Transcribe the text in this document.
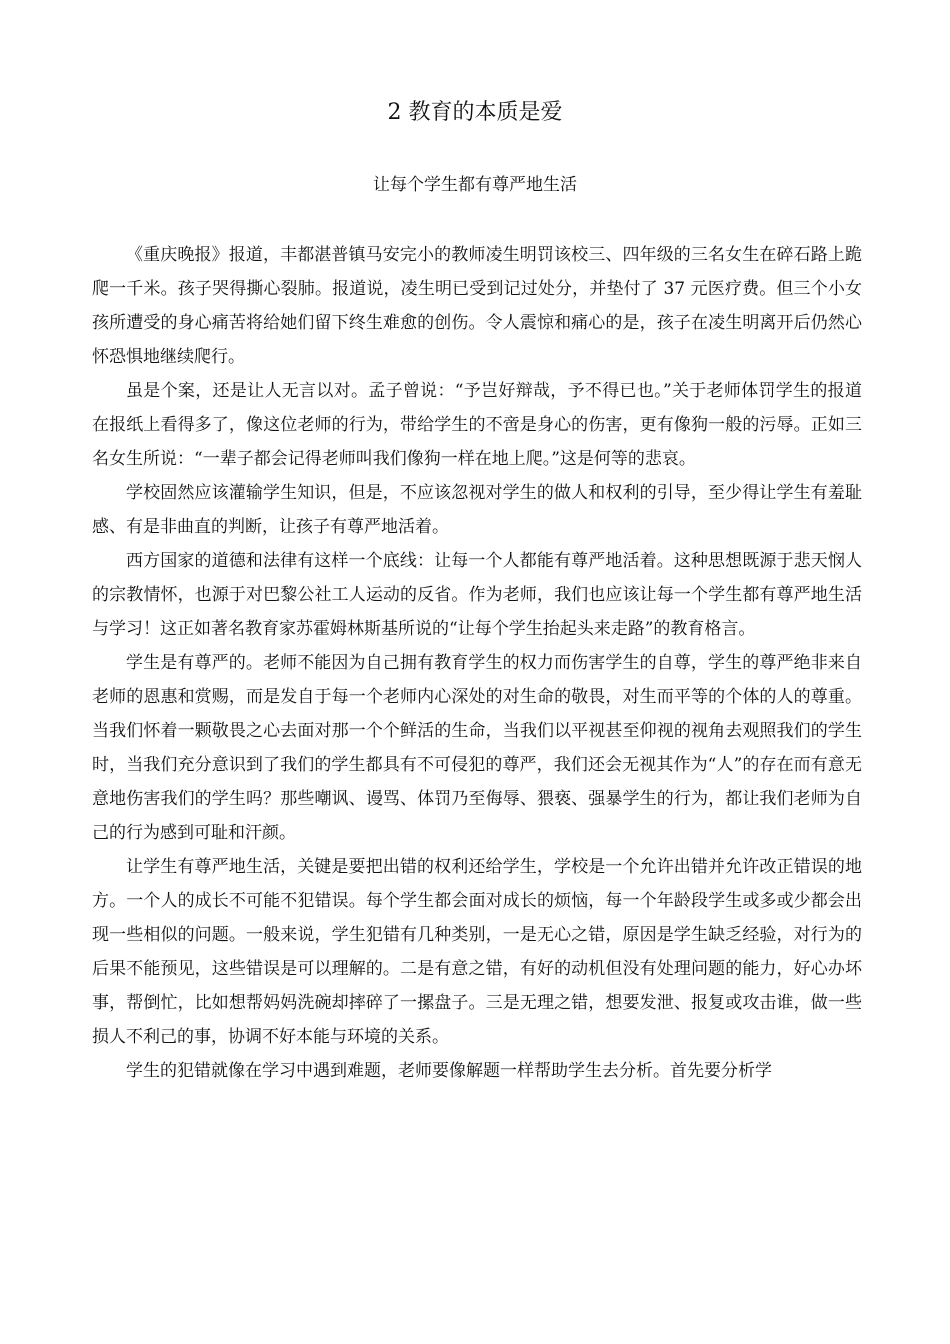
2 教育的本质是爱
让每个学生都有尊严地生活

《重庆晚报》报道，丰都湛普镇马安完小的教师凌生明罚该校三、四年级的三名女生在碎石路上跪爬一千米。孩子哭得撕心裂肺。报道说，凌生明已受到记过处分，并垫付了 37 元医疗费。但三个小女孩所遭受的身心痛苦将给她们留下终生难愈的创伤。令人震惊和痛心的是，孩子在凌生明离开后仍然心怀恐惧地继续爬行。

虽是个案，还是让人无言以对。孟子曾说：“予岂好辩哉，予不得已也。”关于老师体罚学生的报道在报纸上看得多了，像这位老师的行为，带给学生的不啻是身心的伤害，更有像狗一般的污辱。正如三名女生所说：“一辈子都会记得老师叫我们像狗一样在地上爬。”这是何等的悲哀。

学校固然应该灌输学生知识，但是，不应该忽视对学生的做人和权利的引导，至少得让学生有羞耻感、有是非曲直的判断，让孩子有尊严地活着。

西方国家的道德和法律有这样一个底线：让每一个人都能有尊严地活着。这种思想既源于悲天悯人的宗教情怀，也源于对巴黎公社工人运动的反省。作为老师，我们也应该让每一个学生都有尊严地生活与学习！这正如著名教育家苏霍姆林斯基所说的“让每个学生抬起头来走路”的教育格言。

学生是有尊严的。老师不能因为自己拥有教育学生的权力而伤害学生的自尊，学生的尊严绝非来自老师的恩惠和赏赐，而是发自于每一个老师内心深处的对生命的敬畏，对生而平等的个体的人的尊重。当我们怀着一颗敬畏之心去面对那一个个鲜活的生命，当我们以平视甚至仰视的视角去观照我们的学生时，当我们充分意识到了我们的学生都具有不可侵犯的尊严，我们还会无视其作为“人”的存在而有意无意地伤害我们的学生吗？那些嘲讽、谩骂、体罚乃至侮辱、猥亵、强暴学生的行为，都让我们老师为自己的行为感到可耻和汗颜。

让学生有尊严地生活，关键是要把出错的权利还给学生，学校是一个允许出错并允许改正错误的地方。一个人的成长不可能不犯错误。每个学生都会面对成长的烦恼，每一个年龄段学生或多或少都会出现一些相似的问题。一般来说，学生犯错有几种类别，一是无心之错，原因是学生缺乏经验，对行为的后果不能预见，这些错误是可以理解的。二是有意之错，有好的动机但没有处理问题的能力，好心办坏事，帮倒忙，比如想帮妈妈洗碗却摔碎了一摞盘子。三是无理之错，想要发泄、报复或攻击谁，做一些损人不利己的事，协调不好本能与环境的关系。

学生的犯错就像在学习中遇到难题，老师要像解题一样帮助学生去分析。首先要分析学
